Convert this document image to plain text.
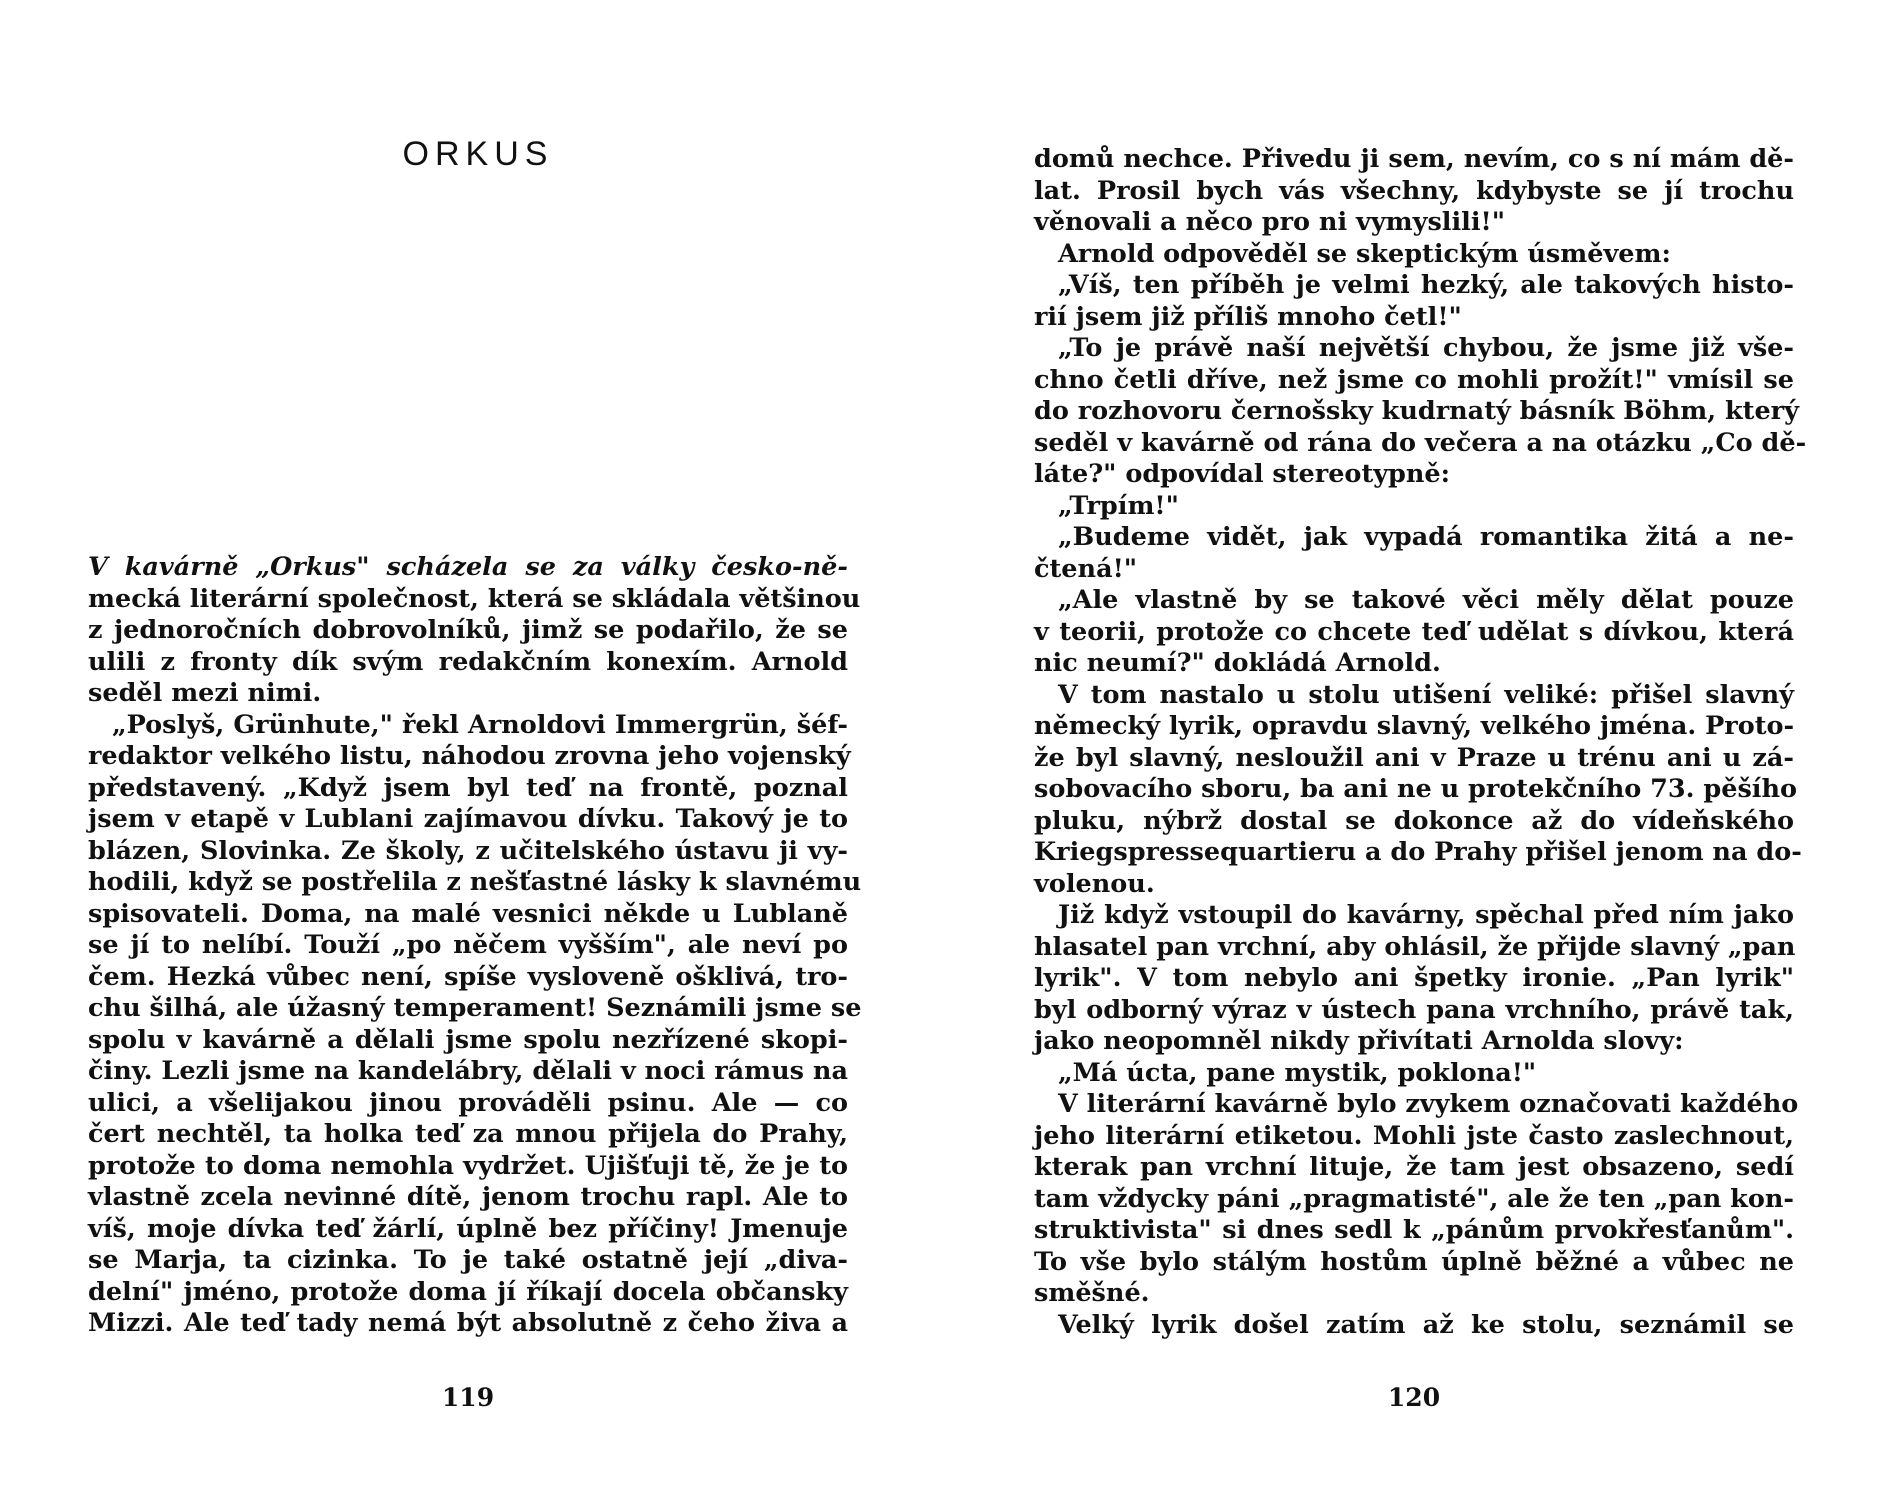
ORKUS
V kavárně „Orkus" scházela se za války česko-ně-
mecká literární společnost, která se skládala většinou
z jednoročních dobrovolníků, jimž se podařilo, že se
ulili z fronty dík svým redakčním konexím. Arnold
seděl mezi nimi.
„Poslyš, Grünhute," řekl Arnoldovi Immergrün, šéf-
redaktor velkého listu, náhodou zrovna jeho vojenský
představený. „Když jsem byl teď na frontě, poznal
jsem v etapě v Lublani zajímavou dívku. Takový je to
blázen, Slovinka. Ze školy, z učitelského ústavu ji vy-
hodili, když se postřelila z nešťastné lásky k slavnému
spisovateli. Doma, na malé vesnici někde u Lublaně
se jí to nelíbí. Touží „po něčem vyšším", ale neví po
čem. Hezká vůbec není, spíše vysloveně ošklivá, tro-
chu šilhá, ale úžasný temperament! Seznámili jsme se
spolu v kavárně a dělali jsme spolu nezřízené skopi-
činy. Lezli jsme na kandelábry, dělali v noci rámus na
ulici, a všelijakou jinou prováděli psinu. Ale — co
čert nechtěl, ta holka teď za mnou přijela do Prahy,
protože to doma nemohla vydržet. Ujišťuji tě, že je to
vlastně zcela nevinné dítě, jenom trochu rapl. Ale to
víš, moje dívka teď žárlí, úplně bez příčiny! Jmenuje
se Marja, ta cizinka. To je také ostatně její „diva-
delní" jméno, protože doma jí říkají docela občansky
Mizzi. Ale teď tady nemá být absolutně z čeho živa a
119
domů nechce. Přivedu ji sem, nevím, co s ní mám dě-
lat. Prosil bych vás všechny, kdybyste se jí trochu
věnovali a něco pro ni vymyslili!"
Arnold odpověděl se skeptickým úsměvem:
„Víš, ten příběh je velmi hezký, ale takových histo-
rií jsem již příliš mnoho četl!"
„To je právě naší největší chybou, že jsme již vše-
chno četli dříve, než jsme co mohli prožít!" vmísil se
do rozhovoru černošsky kudrnatý básník Böhm, který
seděl v kavárně od rána do večera a na otázku „Co dě-
láte?" odpovídal stereotypně:
„Trpím!"
„Budeme vidět, jak vypadá romantika žitá a ne-
čtená!"
„Ale vlastně by se takové věci měly dělat pouze
v teorii, protože co chcete teď udělat s dívkou, která
nic neumí?" dokládá Arnold.
V tom nastalo u stolu utišení veliké: přišel slavný
německý lyrik, opravdu slavný, velkého jména. Proto-
že byl slavný, nesloužil ani v Praze u trénu ani u zá-
sobovacího sboru, ba ani ne u protekčního 73. pěšího
pluku, nýbrž dostal se dokonce až do vídeňského
Kriegspressequartieru a do Prahy přišel jenom na do-
volenou.
Již když vstoupil do kavárny, spěchal před ním jako
hlasatel pan vrchní, aby ohlásil, že přijde slavný „pan
lyrik". V tom nebylo ani špetky ironie. „Pan lyrik"
byl odborný výraz v ústech pana vrchního, právě tak,
jako neopomněl nikdy přivítati Arnolda slovy:
„Má úcta, pane mystik, poklona!"
V literární kavárně bylo zvykem označovati každého
jeho literární etiketou. Mohli jste často zaslechnout,
kterak pan vrchní lituje, že tam jest obsazeno, sedí
tam vždycky páni „pragmatisté", ale že ten „pan kon-
struktivista" si dnes sedl k „pánům prvokřesťanům".
To vše bylo stálým hostům úplně běžné a vůbec ne
směšné.
Velký lyrik došel zatím až ke stolu, seznámil se
120
